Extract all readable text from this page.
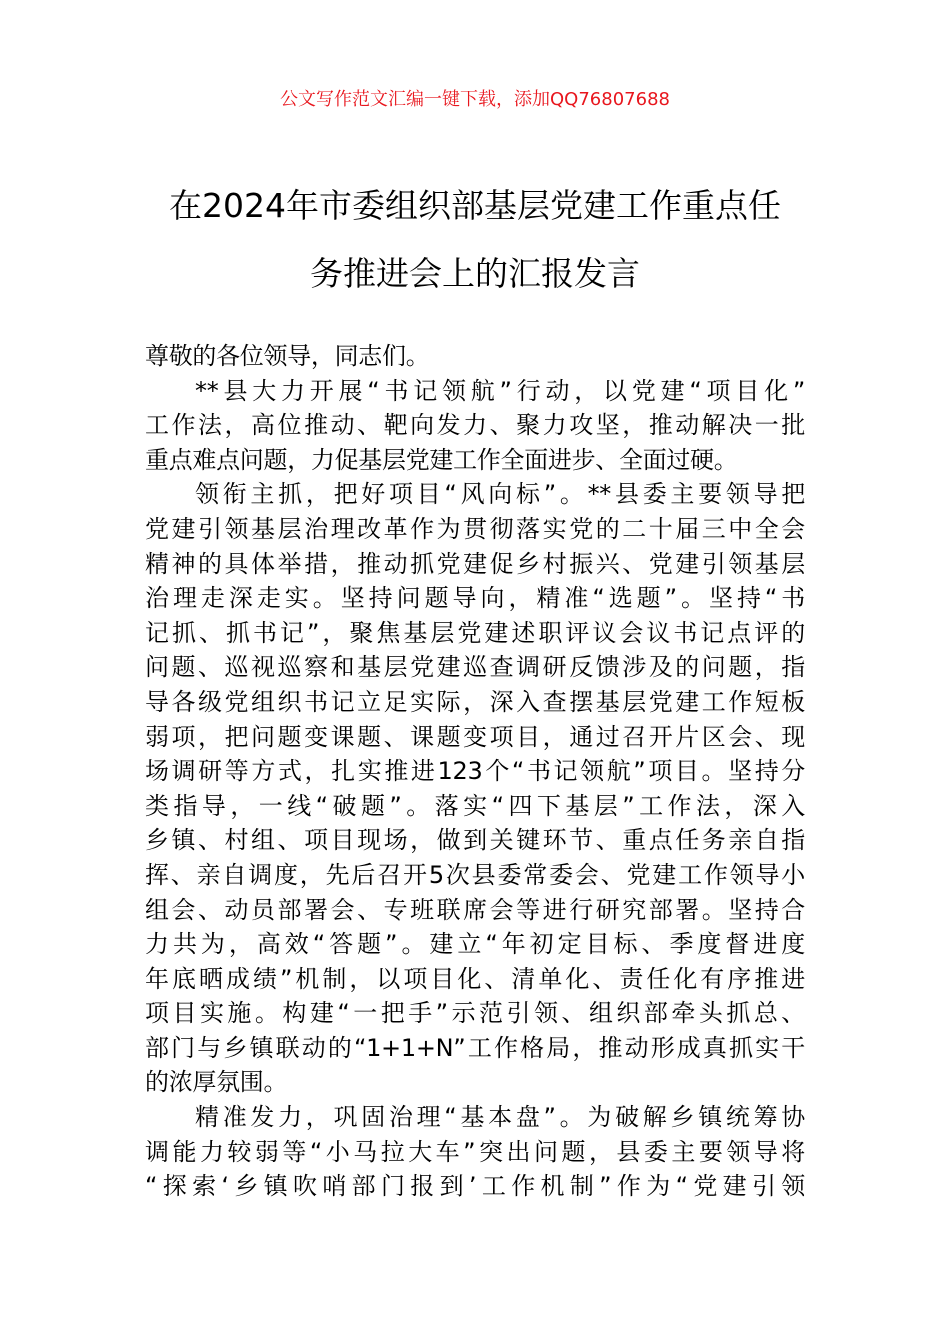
公文写作范文汇编一键下载，添加QQ76807688
在2024年市委组织部基层党建工作重点任
务推进会上的汇报发言
尊敬的各位领导，同志们。
**县大力开展“书记领航”行动，以党建“项目化”
工作法，高位推动、靶向发力、聚力攻坚，推动解决一批
重点难点问题，力促基层党建工作全面进步、全面过硬。
领衔主抓，把好项目“风向标”。**县委主要领导把
党建引领基层治理改革作为贯彻落实党的二十届三中全会
精神的具体举措，推动抓党建促乡村振兴、党建引领基层
治理走深走实。坚持问题导向，精准“选题”。坚持“书
记抓、抓书记”，聚焦基层党建述职评议会议书记点评的
问题、巡视巡察和基层党建巡查调研反馈涉及的问题，指
导各级党组织书记立足实际，深入查摆基层党建工作短板
弱项，把问题变课题、课题变项目，通过召开片区会、现
场调研等方式，扎实推进123个“书记领航”项目。坚持分
类指导，一线“破题”。落实“四下基层”工作法，深入
乡镇、村组、项目现场，做到关键环节、重点任务亲自指
挥、亲自调度，先后召开5次县委常委会、党建工作领导小
组会、动员部署会、专班联席会等进行研究部署。坚持合
力共为，高效“答题”。建立“年初定目标、季度督进度
年底晒成绩”机制，以项目化、清单化、责任化有序推进
项目实施。构建“一把手”示范引领、组织部牵头抓总、
部门与乡镇联动的“1+1+N”工作格局，推动形成真抓实干
的浓厚氛围。
精准发力，巩固治理“基本盘”。为破解乡镇统筹协
调能力较弱等“小马拉大车”突出问题，县委主要领导将
“探索‘乡镇吹哨部门报到’工作机制”作为“党建引领
